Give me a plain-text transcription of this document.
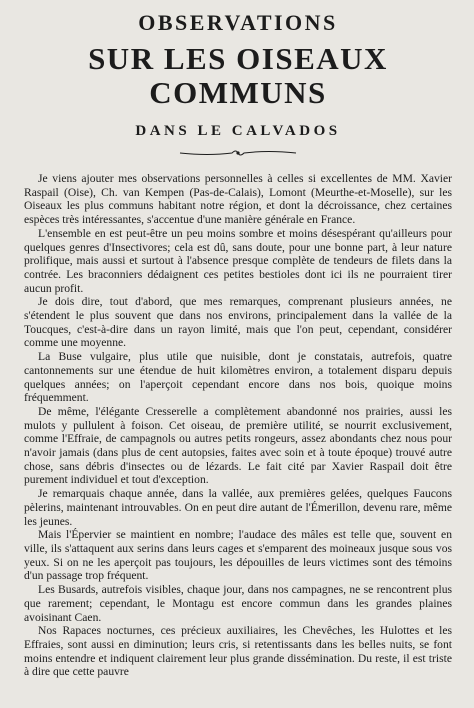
OBSERVATIONS
SUR LES OISEAUX COMMUNS
DANS LE CALVADOS

Je viens ajouter mes observations personnelles à celles si excellentes de MM. Xavier Raspail (Oise), Ch. van Kempen (Pas-de-Calais), Lomont (Meurthe-et-Moselle), sur les Oiseaux les plus communs habitant notre région, et dont la décroissance, chez certaines espèces très intéressantes, s'accentue d'une manière générale en France.

L'ensemble en est peut-être un peu moins sombre et moins désespérant qu'ailleurs pour quelques genres d'Insectivores; cela est dû, sans doute, pour une bonne part, à leur nature prolifique, mais aussi et surtout à l'absence presque complète de tendeurs de filets dans la contrée. Les braconniers dédaignent ces petites bestioles dont ici ils ne pourraient tirer aucun profit.

Je dois dire, tout d'abord, que mes remarques, comprenant plusieurs années, ne s'étendent le plus souvent que dans nos environs, principalement dans la vallée de la Toucques, c'est-à-dire dans un rayon limité, mais que l'on peut, cependant, considérer comme une moyenne.

La Buse vulgaire, plus utile que nuisible, dont je constatais, autrefois, quatre cantonnements sur une étendue de huit kilomètres environ, a totalement disparu depuis quelques années; on l'aperçoit cependant encore dans nos bois, quoique moins fréquemment.

De même, l'élégante Cresserelle a complètement abandonné nos prairies, aussi les mulots y pullulent à foison. Cet oiseau, de première utilité, se nourrit exclusivement, comme l'Effraie, de campagnols ou autres petits rongeurs, assez abondants chez nous pour n'avoir jamais (dans plus de cent autopsies, faites avec soin et à toute époque) trouvé autre chose, sans débris d'insectes ou de lézards. Le fait cité par Xavier Raspail doit être purement individuel et tout d'exception.

Je remarquais chaque année, dans la vallée, aux premières gelées, quelques Faucons pèlerins, maintenant introuvables. On en peut dire autant de l'Émerillon, devenu rare, même les jeunes.

Mais l'Épervier se maintient en nombre; l'audace des mâles est telle que, souvent en ville, ils s'attaquent aux serins dans leurs cages et s'emparent des moineaux jusque sous vos yeux. Si on ne les aperçoit pas toujours, les dépouilles de leurs victimes sont des témoins d'un passage trop fréquent.

Les Busards, autrefois visibles, chaque jour, dans nos campagnes, ne se rencontrent plus que rarement; cependant, le Montagu est encore commun dans les grandes plaines avoisinant Caen.

Nos Rapaces nocturnes, ces précieux auxiliaires, les Chevêches, les Hulottes et les Effraies, sont aussi en diminution; leurs cris, si retentissants dans les belles nuits, se font moins entendre et indiquent clairement leur plus grande dissémination. Du reste, il est triste à dire que cette pauvre
